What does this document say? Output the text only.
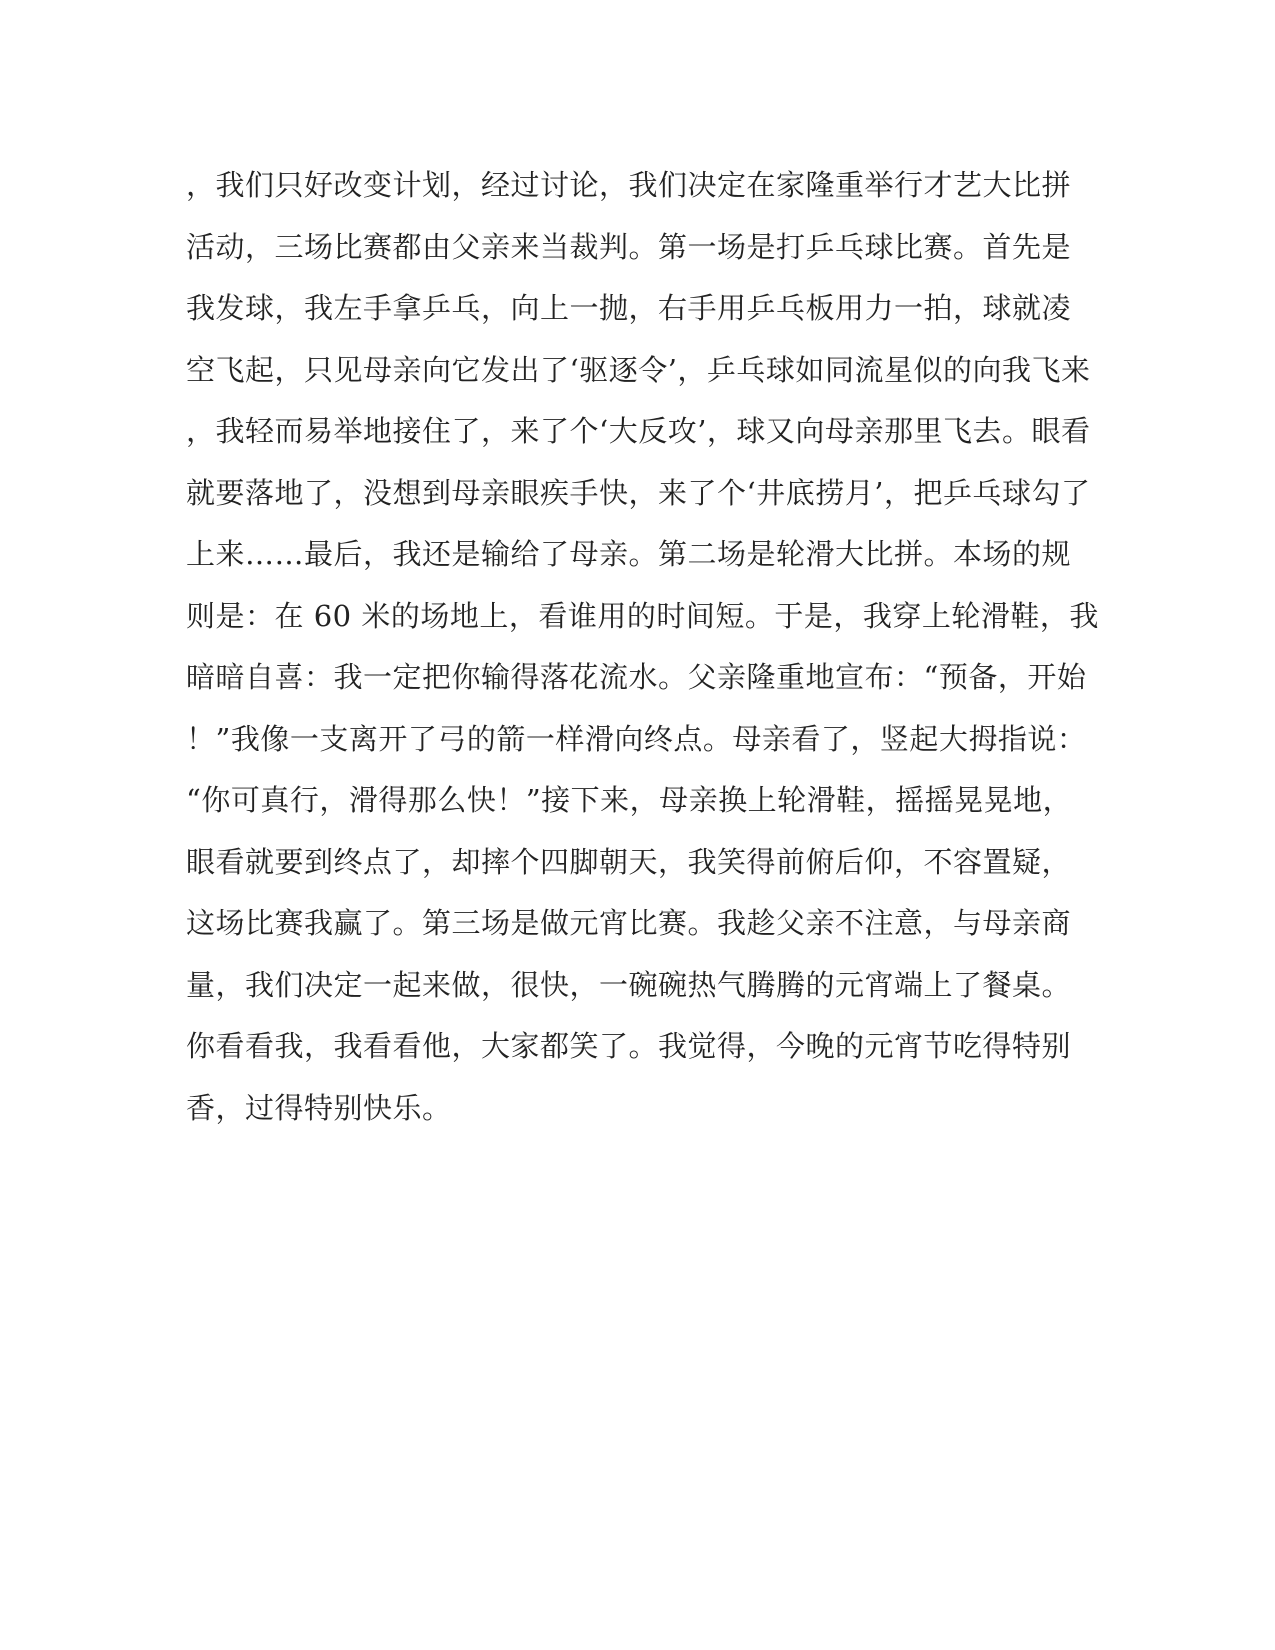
，我们只好改变计划，经过讨论，我们决定在家隆重举行才艺大比拼
活动，三场比赛都由父亲来当裁判。第一场是打乒乓球比赛。首先是
我发球，我左手拿乒乓，向上一抛，右手用乒乓板用力一拍，球就凌
空飞起，只见母亲向它发出了‘驱逐令’，乒乓球如同流星似的向我飞来
，我轻而易举地接住了，来了个‘大反攻’，球又向母亲那里飞去。眼看
就要落地了，没想到母亲眼疾手快，来了个‘井底捞月’，把乒乓球勾了
上来……最后，我还是输给了母亲。第二场是轮滑大比拼。本场的规
则是：在 60 米的场地上，看谁用的时间短。于是，我穿上轮滑鞋，我
暗暗自喜：我一定把你输得落花流水。父亲隆重地宣布：“预备，开始
！”我像一支离开了弓的箭一样滑向终点。母亲看了，竖起大拇指说：
“你可真行，滑得那么快！”接下来，母亲换上轮滑鞋，摇摇晃晃地，
眼看就要到终点了，却摔个四脚朝天，我笑得前俯后仰，不容置疑，
这场比赛我赢了。第三场是做元宵比赛。我趁父亲不注意，与母亲商
量，我们决定一起来做，很快，一碗碗热气腾腾的元宵端上了餐桌。
你看看我，我看看他，大家都笑了。我觉得，今晚的元宵节吃得特别
香，过得特别快乐。
